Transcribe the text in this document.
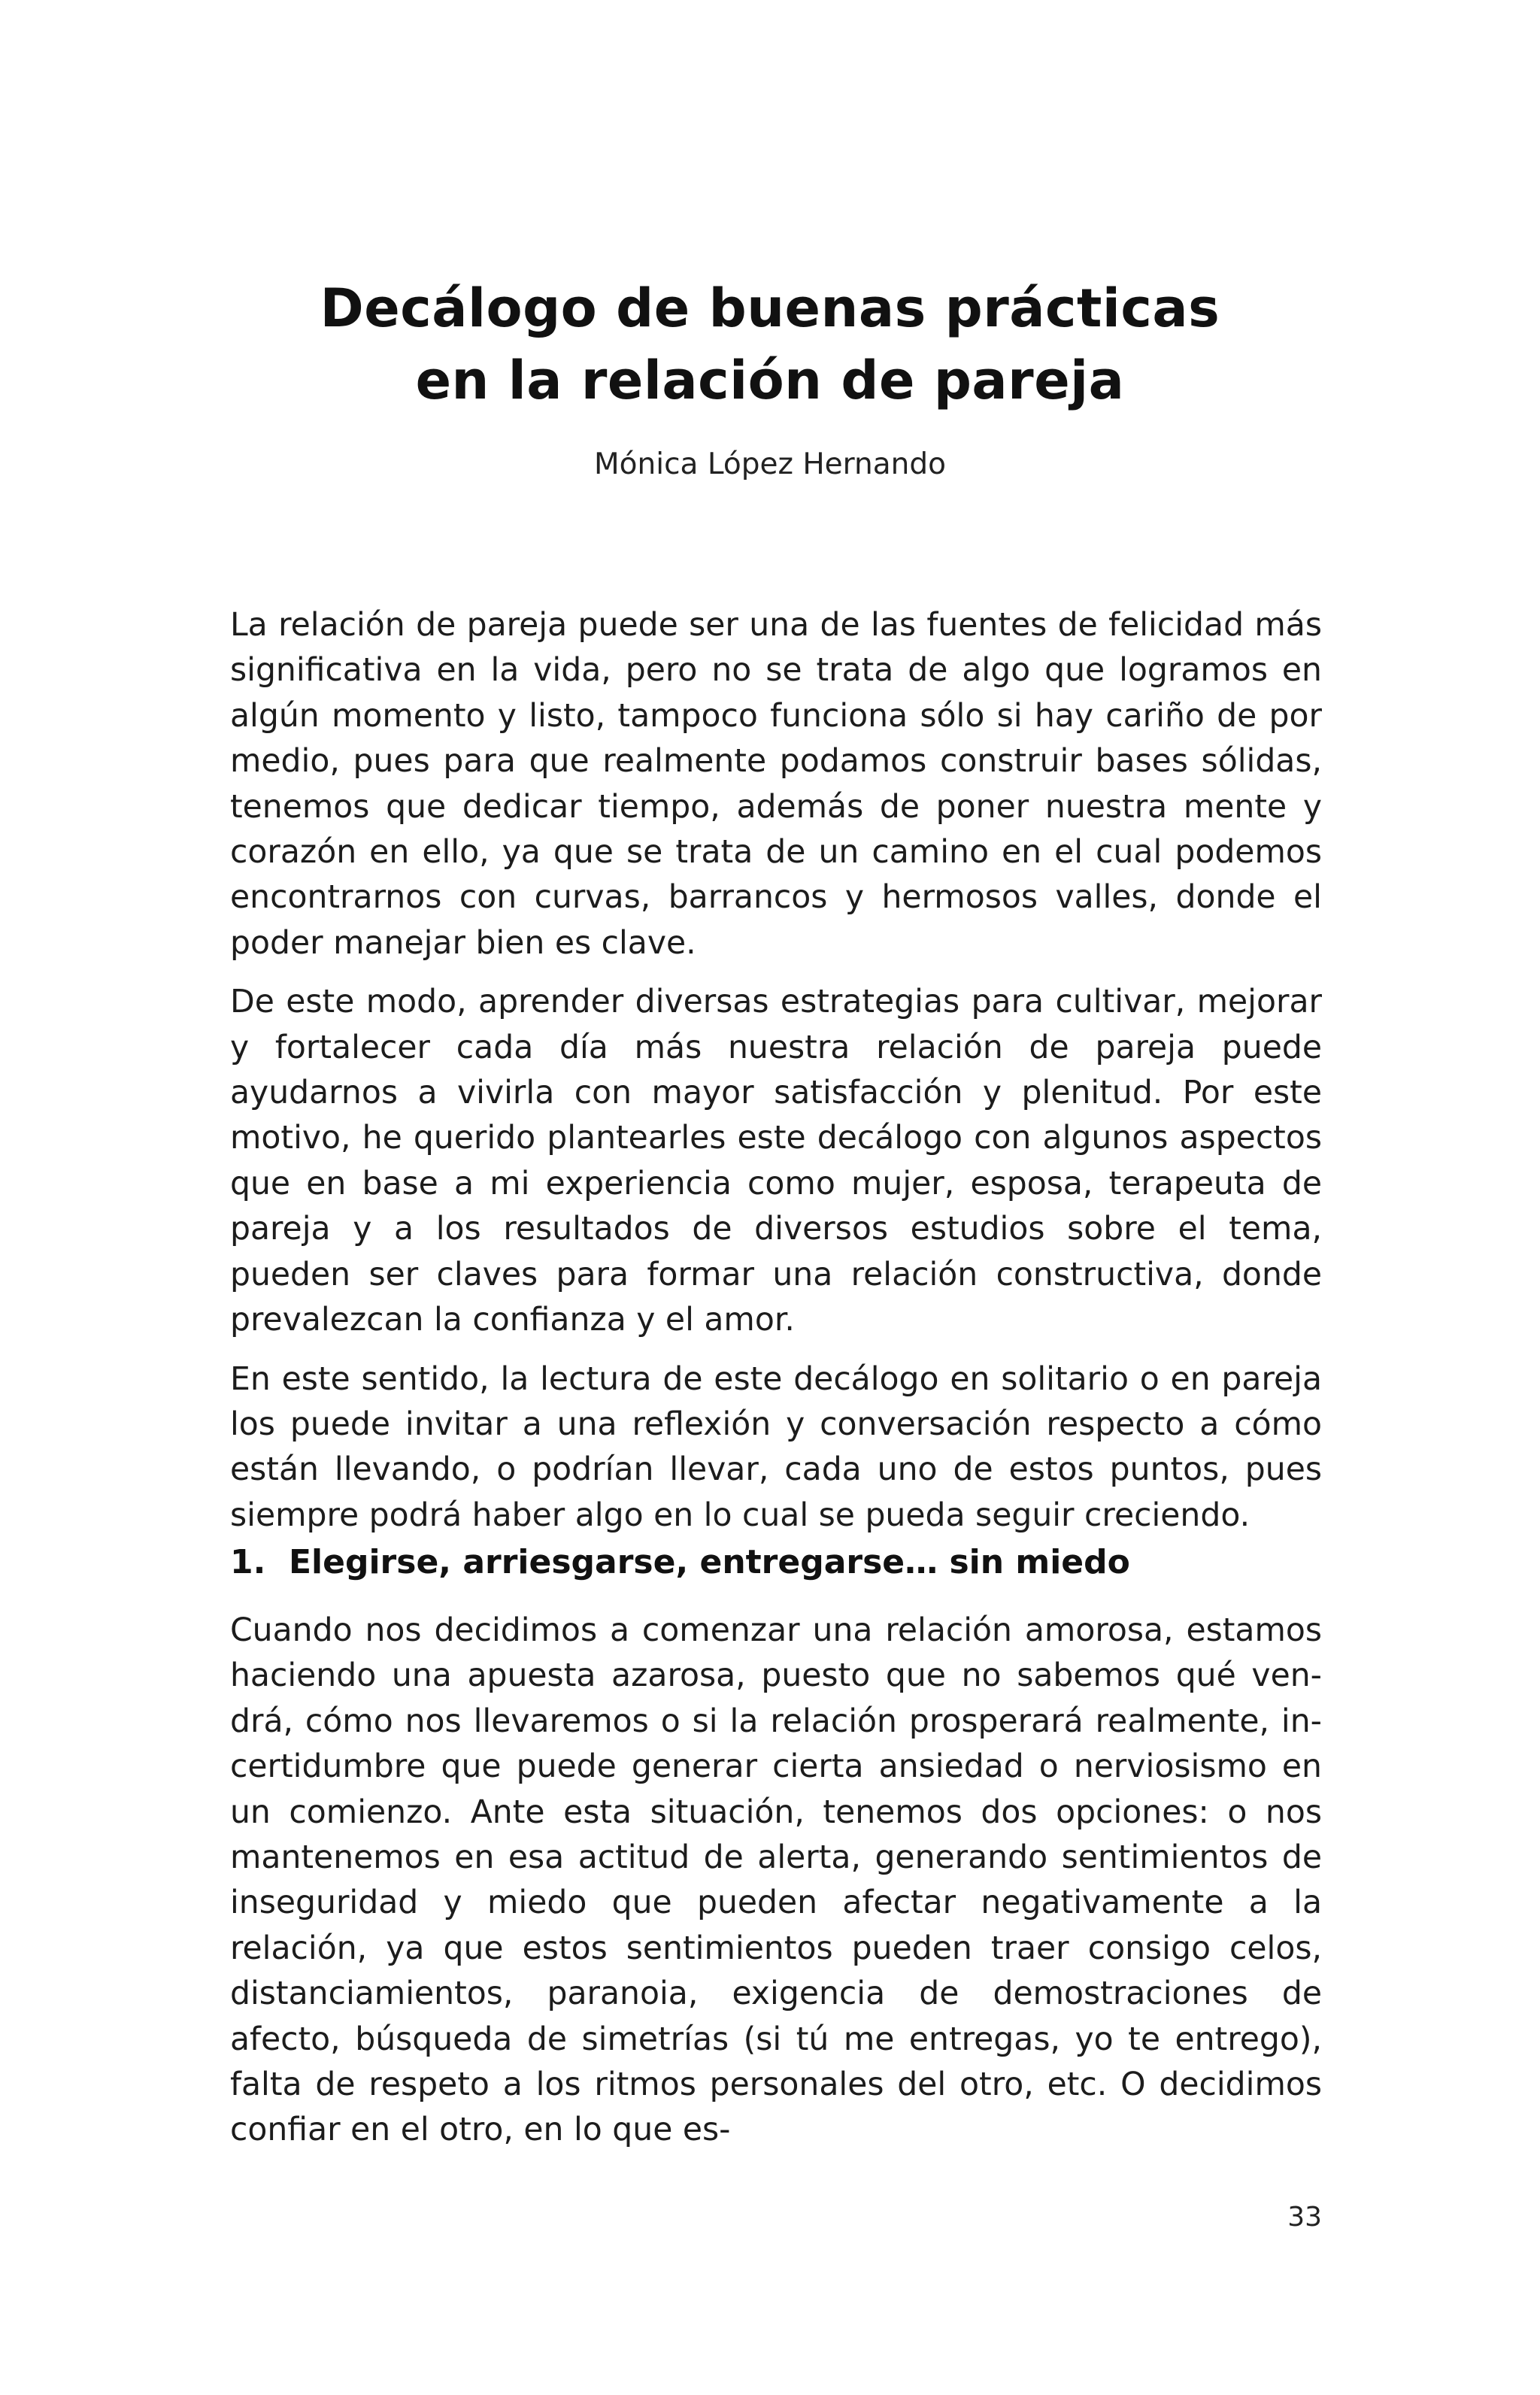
Decálogo de buenas prácticas
en la relación de pareja
Mónica López Hernando

La relación de pareja puede ser una de las fuentes de felicidad más significativa en la vida, pero no se trata de algo que logramos en algún momento y listo, tampoco funciona sólo si hay cariño de por medio, pues para que realmente podamos construir bases sólidas, tenemos que dedicar tiempo, además de poner nuestra mente y corazón en ello, ya que se trata de un camino en el cual podemos encontrarnos con curvas, barrancos y hermosos valles, donde el poder manejar bien es clave.

De este modo, aprender diversas estrategias para cultivar, mejorar y fortalecer cada día más nuestra relación de pareja puede ayudarnos a vivirla con mayor satisfacción y plenitud. Por este motivo, he querido plantearles este decálogo con algunos aspectos que en base a mi experiencia como mujer, esposa, terapeuta de pareja y a los resultados de diversos estudios sobre el tema, pueden ser claves para formar una relación constructiva, donde prevalezcan la confianza y el amor.

En este sentido, la lectura de este decálogo en solitario o en pareja los puede invitar a una reflexión y conversación respecto a cómo están llevando, o podrían llevar, cada uno de estos puntos, pues siempre podrá haber algo en lo cual se pueda seguir creciendo.

1. Elegirse, arriesgarse, entregarse… sin miedo

Cuando nos decidimos a comenzar una relación amorosa, estamos haciendo una apuesta azarosa, puesto que no sabemos qué vendrá, cómo nos llevaremos o si la relación prosperará realmente, incertidumbre que puede generar cierta ansiedad o nerviosismo en un comienzo. Ante esta situación, tenemos dos opciones: o nos mantenemos en esa actitud de alerta, generando sentimientos de inseguridad y miedo que pueden afectar negativamente a la relación, ya que estos sentimientos pueden traer consigo celos, distanciamientos, paranoia, exigencia de demostraciones de afecto, búsqueda de simetrías (si tú me entregas, yo te entrego), falta de respeto a los ritmos personales del otro, etc. O decidimos confiar en el otro, en lo que es-

33
